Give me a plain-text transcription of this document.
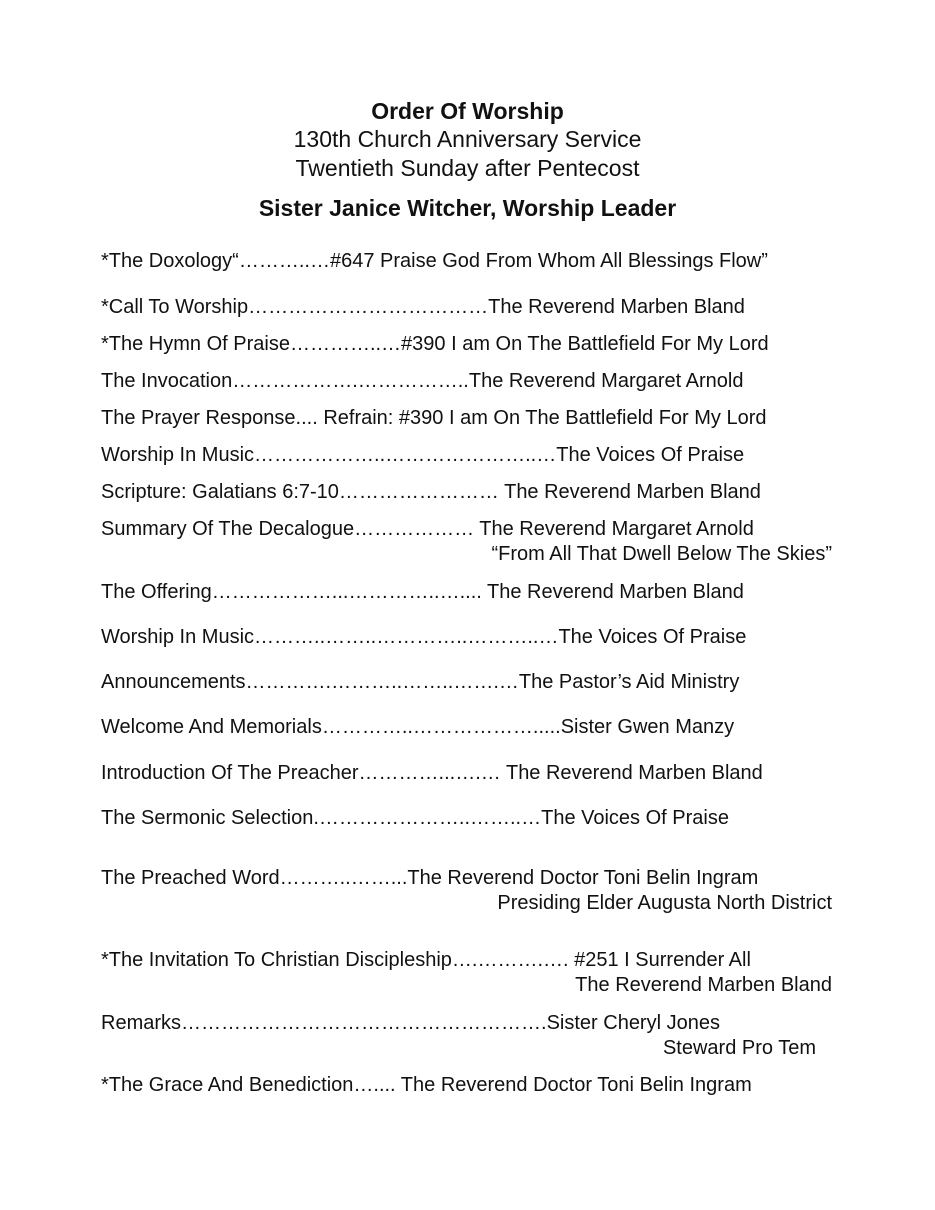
Order Of Worship
130th Church Anniversary Service
Twentieth Sunday after Pentecost
Sister Janice Witcher, Worship Leader
*The Doxology“………..…#647 Praise God From Whom All Blessings Flow”
*Call To Worship………………………………The Reverend Marben Bland
*The Hymn Of Praise…………..…#390 I am On The Battlefield For My Lord
The Invocation……………….……………..The Reverend Margaret Arnold
The Prayer Response.... Refrain: #390 I am On The Battlefield For My Lord
Worship In Music………………..…………………..…The Voices Of Praise
Scripture: Galatians 6:7-10…………………… The Reverend Marben Bland
Summary Of The Decalogue……………… The Reverend Margaret Arnold
“From All That Dwell Below The Skies”
The Offering………………...…………..….... The Reverend Marben Bland
Worship In Music………..……..…………..………..…The Voices Of Praise
Announcements………….………..……..…….…The Pastor’s Aid Ministry
Welcome And Memorials…………..……………….....Sister Gwen Manzy
Introduction Of The Preacher…………...….… The Reverend Marben Bland
The Sermonic Selection.…………………..……..…The Voices Of Praise
The Preached Word………..……...The Reverend Doctor Toni Belin Ingram
Presiding Elder Augusta North District
*The Invitation To Christian Discipleship….……….…. #251 I Surrender All
The Reverend Marben Bland
Remarks……………………………………………….Sister Cheryl Jones
Steward Pro Tem
*The Grace And Benediction….... The Reverend Doctor Toni Belin Ingram
